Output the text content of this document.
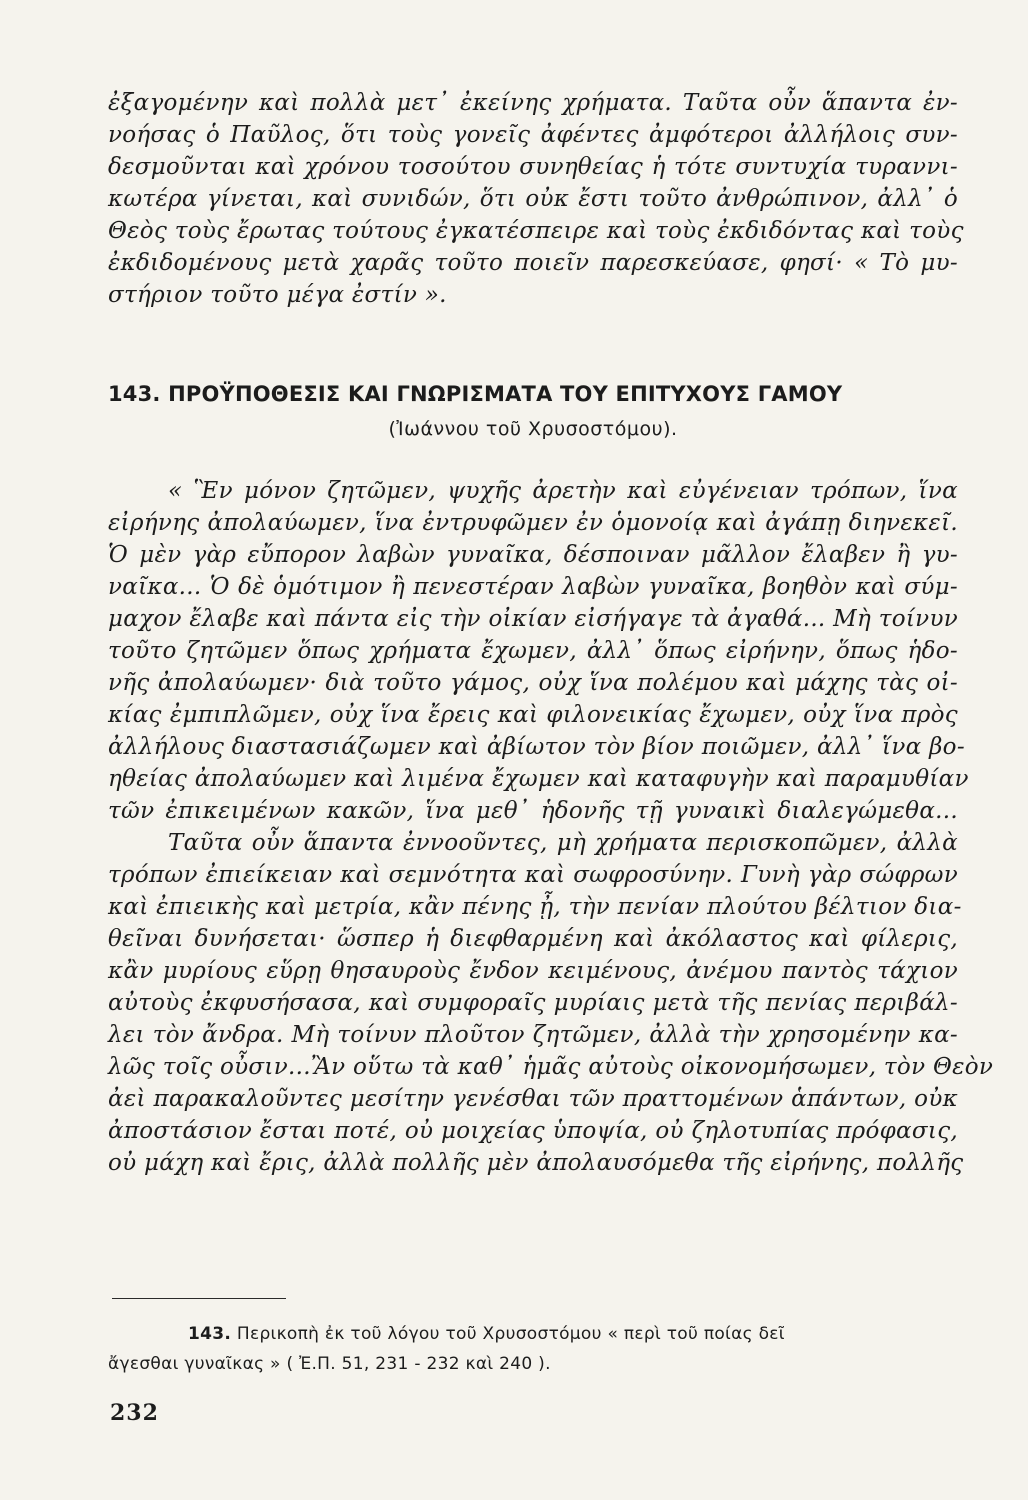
ἐξαγομένην καὶ πολλὰ μετ᾽ ἐκείνης χρήματα. Ταῦτα οὖν ἅπαντα ἐν-
νοήσας ὁ Παῦλος, ὅτι τοὺς γονεῖς ἀφέντες ἀμφότεροι ἀλλήλοις συν-
δεσμοῦνται καὶ χρόνου τοσούτου συνηθείας ἡ τότε συντυχία τυραννι-
κωτέρα γίνεται, καὶ συνιδών, ὅτι οὐκ ἔστι τοῦτο ἀνθρώπινον, ἀλλ᾽ ὁ
Θεὸς τοὺς ἔρωτας τούτους ἐγκατέσπειρε καὶ τοὺς ἐκδιδόντας καὶ τοὺς
ἐκδιδομένους μετὰ χαρᾶς τοῦτο ποιεῖν παρεσκεύασε, φησί· « Τὸ μυ-
στήριον τοῦτο μέγα ἐστίν ».
143. ΠΡΟΫΠΟΘΕΣΙΣ ΚΑΙ ΓΝΩΡΙΣΜΑΤΑ ΤΟΥ ΕΠΙΤΥΧΟΥΣ ΓΑΜΟΥ
(Ἰωάννου τοῦ Χρυσοστόμου).
« Ἓν μόνον ζητῶμεν, ψυχῆς ἀρετὴν καὶ εὐγένειαν τρόπων, ἵνα
εἰρήνης ἀπολαύωμεν, ἵνα ἐντρυφῶμεν ἐν ὁμονοίᾳ καὶ ἀγάπῃ διηνεκεῖ.
Ὁ μὲν γὰρ εὔπορον λαβὼν γυναῖκα, δέσποιναν μᾶλλον ἔλαβεν ἢ γυ-
ναῖκα... Ὁ δὲ ὁμότιμον ἢ πενεστέραν λαβὼν γυναῖκα, βοηθὸν καὶ σύμ-
μαχον ἔλαβε καὶ πάντα εἰς τὴν οἰκίαν εἰσήγαγε τὰ ἀγαθά... Μὴ τοίνυν
τοῦτο ζητῶμεν ὅπως χρήματα ἔχωμεν, ἀλλ᾽ ὅπως εἰρήνην, ὅπως ἡδο-
νῆς ἀπολαύωμεν· διὰ τοῦτο γάμος, οὐχ ἵνα πολέμου καὶ μάχης τὰς οἰ-
κίας ἐμπιπλῶμεν, οὐχ ἵνα ἔρεις καὶ φιλονεικίας ἔχωμεν, οὐχ ἵνα πρὸς
ἀλλήλους διαστασιάζωμεν καὶ ἀβίωτον τὸν βίον ποιῶμεν, ἀλλ᾽ ἵνα βο-
ηθείας ἀπολαύωμεν καὶ λιμένα ἔχωμεν καὶ καταφυγὴν καὶ παραμυθίαν
τῶν ἐπικειμένων κακῶν, ἵνα μεθ᾽ ἡδονῆς τῇ γυναικὶ διαλεγώμεθα...
Ταῦτα οὖν ἅπαντα ἐννοοῦντες, μὴ χρήματα περισκοπῶμεν, ἀλλὰ
τρόπων ἐπιείκειαν καὶ σεμνότητα καὶ σωφροσύνην. Γυνὴ γὰρ σώφρων
καὶ ἐπιεικὴς καὶ μετρία, κἂν πένης ᾖ, τὴν πενίαν πλούτου βέλτιον δια-
θεῖναι δυνήσεται· ὥσπερ ἡ διεφθαρμένη καὶ ἀκόλαστος καὶ φίλερις,
κἂν μυρίους εὕρῃ θησαυροὺς ἔνδον κειμένους, ἀνέμου παντὸς τάχιον
αὐτοὺς ἐκφυσήσασα, καὶ συμφοραῖς μυρίαις μετὰ τῆς πενίας περιβάλ-
λει τὸν ἄνδρα. Μὴ τοίνυν πλοῦτον ζητῶμεν, ἀλλὰ τὴν χρησομένην κα-
λῶς τοῖς οὖσιν...Ἂν οὕτω τὰ καθ᾽ ἡμᾶς αὐτοὺς οἰκονομήσωμεν, τὸν Θεὸν
ἀεὶ παρακαλοῦντες μεσίτην γενέσθαι τῶν πραττομένων ἁπάντων, οὐκ
ἀποστάσιον ἔσται ποτέ, οὐ μοιχείας ὑποψία, οὐ ζηλοτυπίας πρόφασις,
οὐ μάχη καὶ ἔρις, ἀλλὰ πολλῆς μὲν ἀπολαυσόμεθα τῆς εἰρήνης, πολλῆς
143. Περικοπὴ ἐκ τοῦ λόγου τοῦ Χρυσοστόμου « περὶ τοῦ ποίας δεῖ
ἄγεσθαι γυναῖκας » ( Ἐ.Π. 51, 231 - 232 καὶ 240 ).
232
